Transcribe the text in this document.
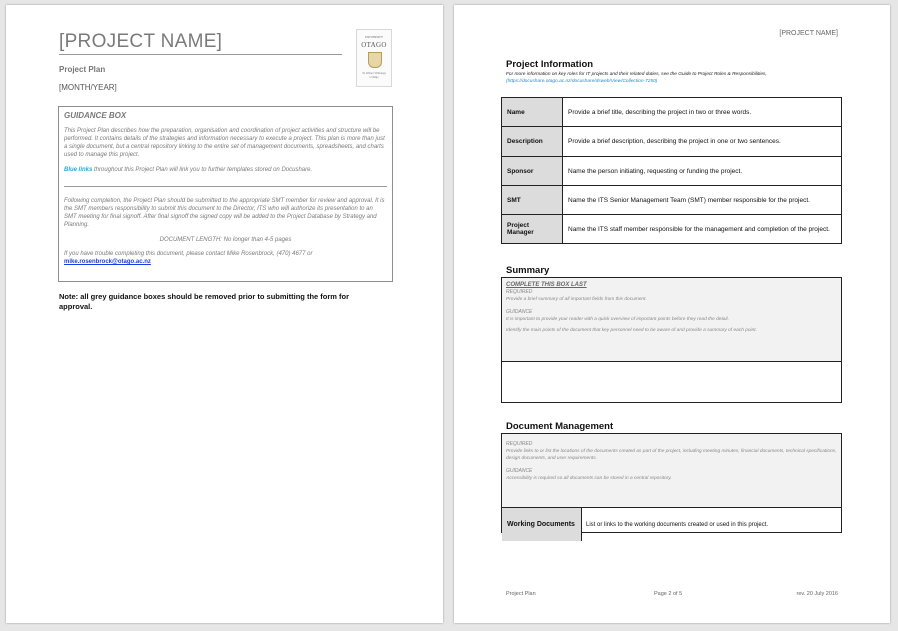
[PROJECT NAME]
Project Plan
[MONTH/YEAR]
UNIVERSITY
OTAGO
Te Whare Wānanga
o Otāgo
GUIDANCE BOX

This Project Plan describes how the preparation, organisation and coordination of project activities and structure will be performed. It contains details of the strategies and information necessary to execute a project. This plan is more than just a single document, but a central repository linking to the entire set of management documents, spreadsheets, and charts used to manage this project.

Blue links throughout this Project Plan will link you to further templates stored on Docushare.

Following completion, the Project Plan should be submitted to the appropriate SMT member for review and approval. It is the SMT members responsibility to submit this document to the Director, ITS who will authorize its presentation to an SMT meeting for final signoff. After final signoff the signed copy will be added to the Project Database by Strategy and Planning.

DOCUMENT LENGTH: No longer than 4-5 pages

If you have trouble completing this document, please contact Mike Rosenbrock, (470) 4677 or
mike.rosenbrock@otago.ac.nz

Note: all grey guidance boxes should be removed prior to submitting the form for approval.
[PROJECT NAME]
Project Information
For more information on key roles for IT projects and their related duties, see the Guide to Project Roles & Responsibilities,
(https://docushare.otago.ac.nz/docushare/dsweb/View/Collection-7250)
Name	Provide a brief title, describing the project in two or three words.
Description	Provide a brief description, describing the project in one or two sentences.
Sponsor	Name the person initiating, requesting or funding the project.
SMT	Name the ITS Senior Management Team (SMT) member responsible for the project.
Project Manager	Name the ITS staff member responsible for the management and completion of the project.
Summary
COMPLETE THIS BOX LAST
REQUIRED
Provide a brief summary of all important fields from this document.
GUIDANCE
It is important to provide your reader with a quick overview of important points before they read the detail.
Identify the main points of the document that key personnel need to be aware of and provide a summary of each point.
Document Management
REQUIRED
Provide links to or list the locations of the documents created as part of the project, including meeting minutes, financial documents, technical specifications, design documents, and user requirements.
GUIDANCE
Accessibility is required so all documents can be stored in a central repository.
Working Documents	List or links to the working documents created or used in this project.
Project Plan	Page 2 of 5	rev. 20 July 2016
